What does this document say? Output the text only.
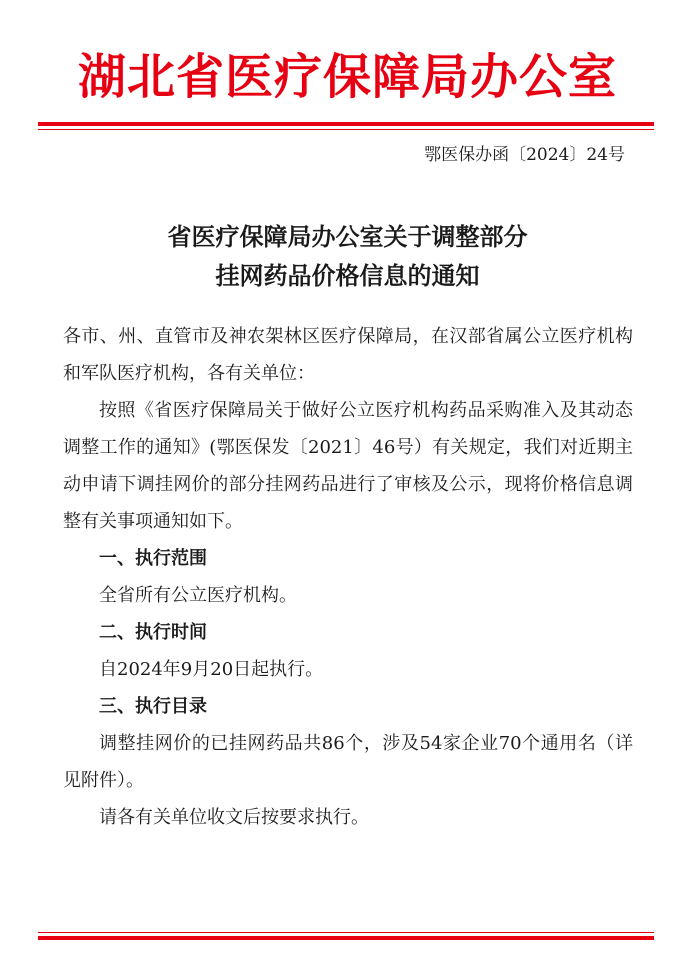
湖北省医疗保障局办公室
鄂医保办函〔2024〕24号
省医疗保障局办公室关于调整部分
挂网药品价格信息的通知

各市、州、直管市及神农架林区医疗保障局，在汉部省属公立医疗机构和军队医疗机构，各有关单位：

按照《省医疗保障局关于做好公立医疗机构药品采购准入及其动态调整工作的通知》(鄂医保发〔2021〕46号）有关规定，我们对近期主动申请下调挂网价的部分挂网药品进行了审核及公示，现将价格信息调整有关事项通知如下。

一、执行范围

全省所有公立医疗机构。

二、执行时间

自2024年9月20日起执行。

三、执行目录

调整挂网价的已挂网药品共86个，涉及54家企业70个通用名（详见附件）。

请各有关单位收文后按要求执行。
